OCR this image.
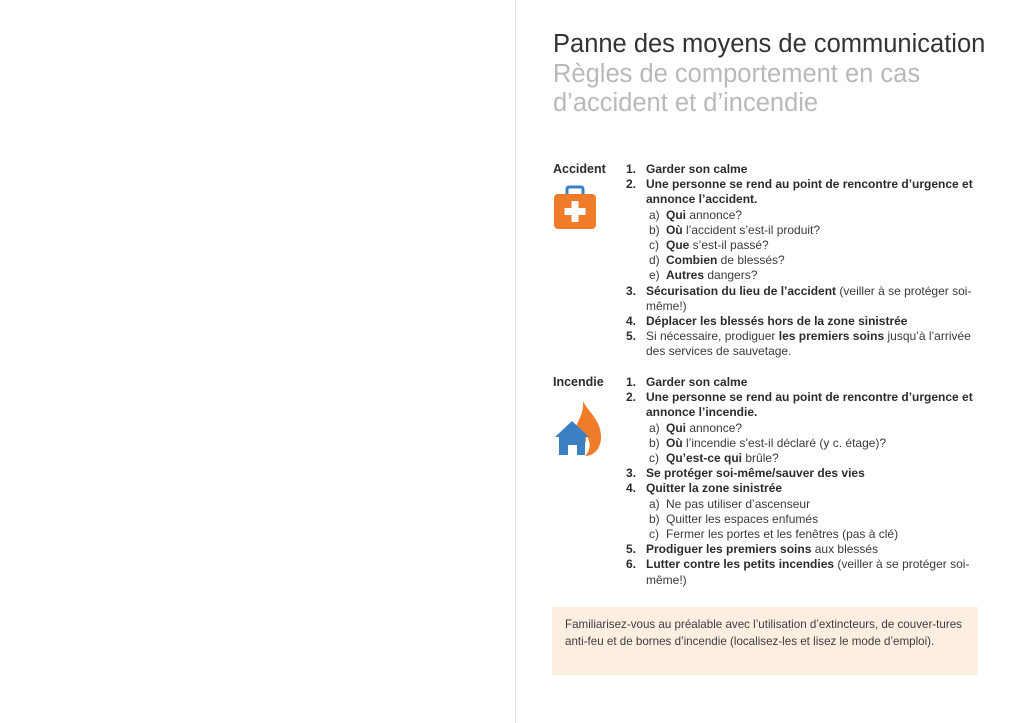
Panne des moyens de communication
Règles de comportement en cas
d’accident et d’incendie
Accident 1. Garder son calme
2. Une personne se rend au point de rencontre d’urgence et annonce l’accident.
a) Qui annonce?
b) Où l’accident s’est-il produit?
c) Que s’est-il passé?
d) Combien de blessés?
e) Autres dangers?
3. Sécurisation du lieu de l’accident (veiller à se protéger soi-même!)
4. Déplacer les blessés hors de la zone sinistrée
5. Si nécessaire, prodiguer les premiers soins jusqu’à l’arrivée des services de sauvetage.
Incendie 1. Garder son calme
2. Une personne se rend au point de rencontre d’urgence et annonce l’incendie.
a) Qui annonce?
b) Où l’incendie s’est-il déclaré (y c. étage)?
c) Qu’est-ce qui brûle?
3. Se protéger soi-même/sauver des vies
4. Quitter la zone sinistrée
a) Ne pas utiliser d’ascenseur
b) Quitter les espaces enfumés
c) Fermer les portes et les fenêtres (pas à clé)
5. Prodiguer les premiers soins aux blessés
6. Lutter contre les petits incendies (veiller à se protéger soi-même!)
Familiarisez-vous au préalable avec l’utilisation d’extincteurs, de couver-tures anti-feu et de bornes d’incendie (localisez-les et lisez le mode d’emploi).
